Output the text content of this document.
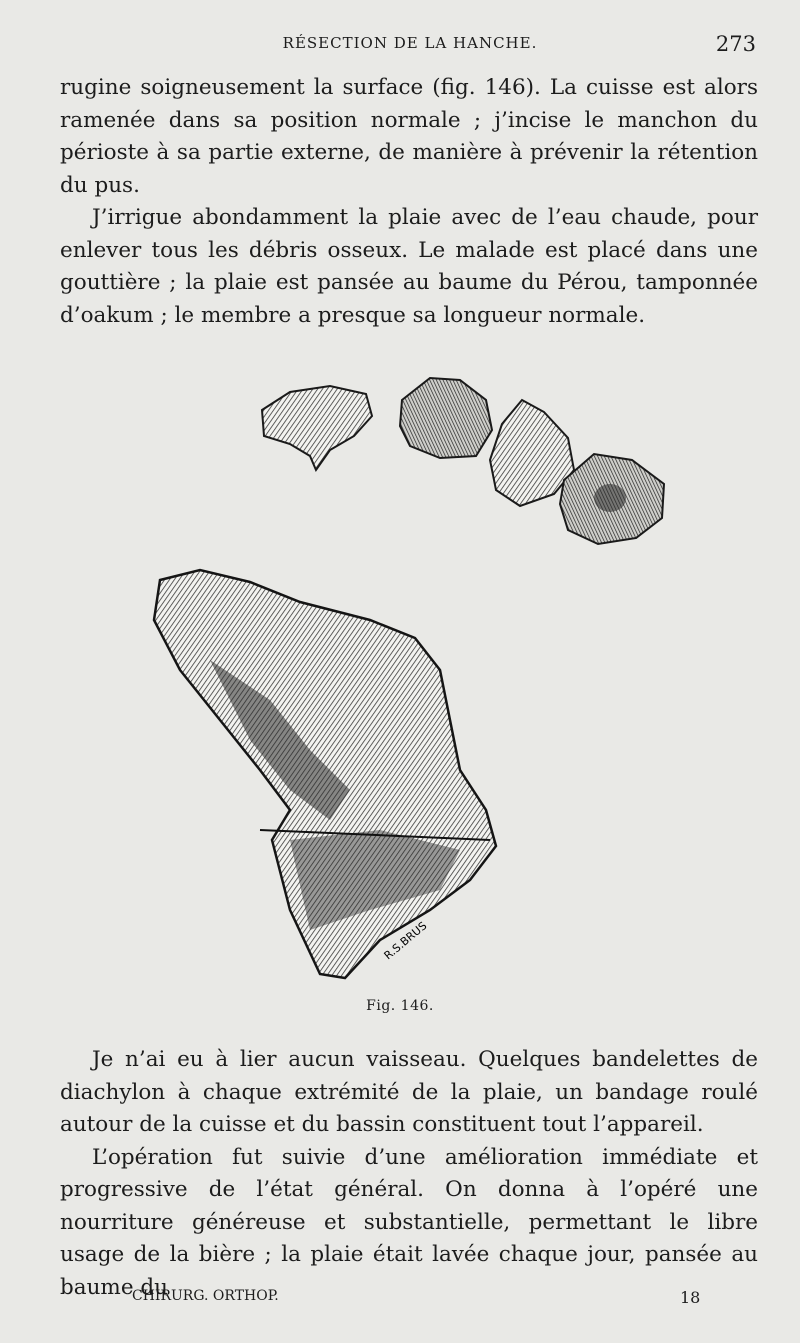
RÉSECTION DE LA HANCHE.	273

rugine soigneusement la surface (fig. 146). La cuisse est alors ramenée dans sa position normale ; j’incise le manchon du périoste à sa partie externe, de manière à prévenir la rétention du pus.

J’irrigue abondamment la plaie avec de l’eau chaude, pour enlever tous les débris osseux. Le malade est placé dans une gouttière ; la plaie est pansée au baume du Pérou, tamponnée d’oakum ; le membre a presque sa longueur normale.

R.S.BRUS
Fig. 146.

Je n’ai eu à lier aucun vaisseau. Quelques bandelettes de diachylon à chaque extrémité de la plaie, un bandage roulé autour de la cuisse et du bassin constituent tout l’appareil.

L’opération fut suivie d’une amélioration immédiate et progressive de l’état général. On donna à l’opéré une nourriture généreuse et substantielle, permettant le libre usage de la bière ; la plaie était lavée chaque jour, pansée au baume du

CHIRURG. ORTHOP.	18
